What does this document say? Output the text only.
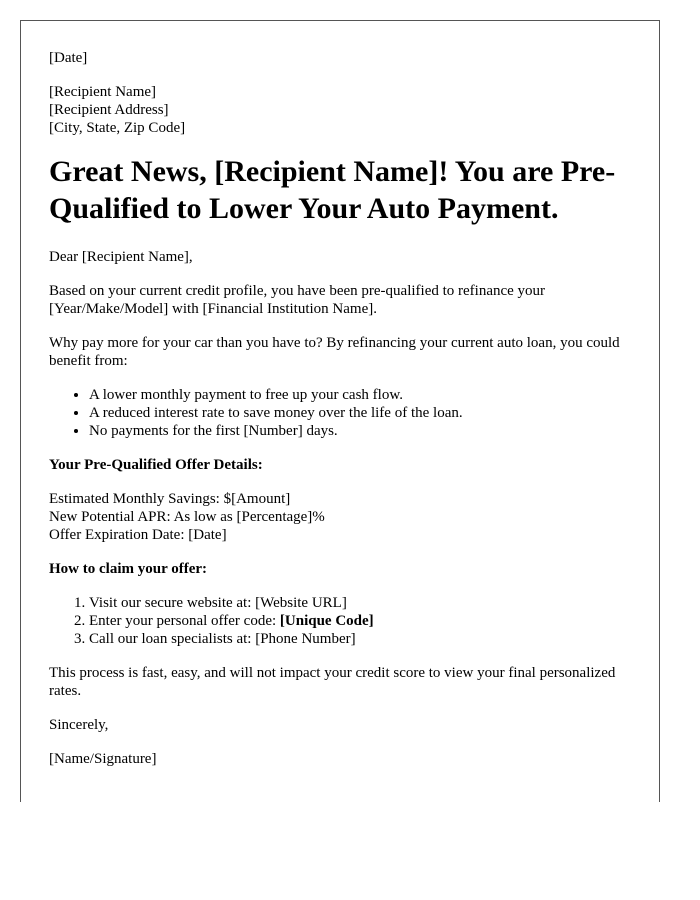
[Date]

[Recipient Name]
[Recipient Address]
[City, State, Zip Code]
Great News, [Recipient Name]! You are Pre-Qualified to Lower Your Auto Payment.

Dear [Recipient Name],

Based on your current credit profile, you have been pre-qualified to refinance your [Year/Make/Model] with [Financial Institution Name].

Why pay more for your car than you have to? By refinancing your current auto loan, you could benefit from:

• A lower monthly payment to free up your cash flow.
• A reduced interest rate to save money over the life of the loan.
• No payments for the first [Number] days.

Your Pre-Qualified Offer Details:

Estimated Monthly Savings: $[Amount]
New Potential APR: As low as [Percentage]%
Offer Expiration Date: [Date]

How to claim your offer:

1. Visit our secure website at: [Website URL]
2. Enter your personal offer code: [Unique Code]
3. Call our loan specialists at: [Phone Number]

This process is fast, easy, and will not impact your credit score to view your final personalized rates.

Sincerely,

[Name/Signature]
